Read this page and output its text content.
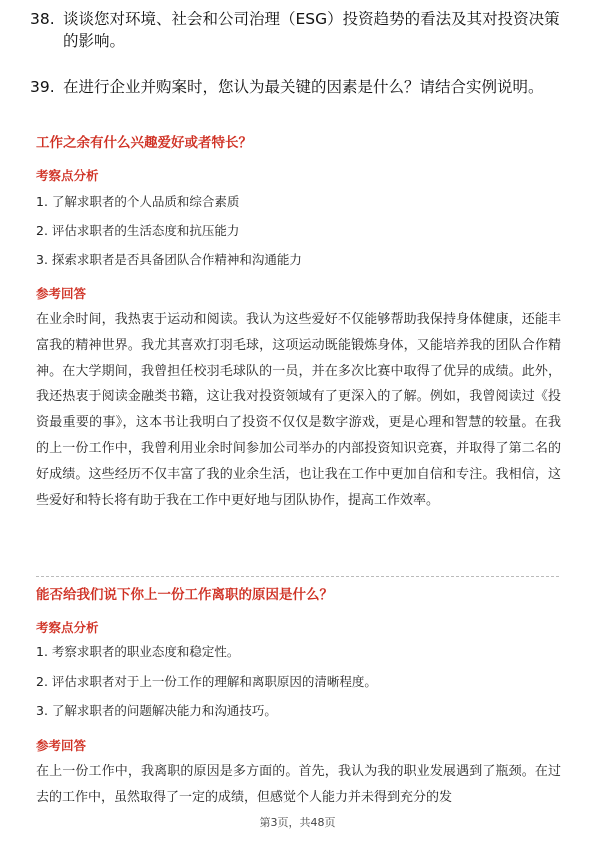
38. 谈谈您对环境、社会和公司治理（ESG）投资趋势的看法及其对投资决策的影响。
39. 在进行企业并购案时，您认为最关键的因素是什么？请结合实例说明。
工作之余有什么兴趣爱好或者特长？
考察点分析
1. 了解求职者的个人品质和综合素质
2. 评估求职者的生活态度和抗压能力
3. 探索求职者是否具备团队合作精神和沟通能力
参考回答
在业余时间，我热衷于运动和阅读。我认为这些爱好不仅能够帮助我保持身体健康，还能丰富我的精神世界。我尤其喜欢打羽毛球，这项运动既能锻炼身体，又能培养我的团队合作精神。在大学期间，我曾担任校羽毛球队的一员，并在多次比赛中取得了优异的成绩。此外，我还热衷于阅读金融类书籍，这让我对投资领域有了更深入的了解。例如，我曾阅读过《投资最重要的事》，这本书让我明白了投资不仅仅是数字游戏，更是心理和智慧的较量。在我的上一份工作中，我曾利用业余时间参加公司举办的内部投资知识竞赛，并取得了第二名的好成绩。这些经历不仅丰富了我的业余生活，也让我在工作中更加自信和专注。我相信，这些爱好和特长将有助于我在工作中更好地与团队协作，提高工作效率。
能否给我们说下你上一份工作离职的原因是什么？
考察点分析
1. 考察求职者的职业态度和稳定性。
2. 评估求职者对于上一份工作的理解和离职原因的清晰程度。
3. 了解求职者的问题解决能力和沟通技巧。
参考回答
在上一份工作中，我离职的原因是多方面的。首先，我认为我的职业发展遇到了瓶颈。在过去的工作中，虽然取得了一定的成绩，但感觉个人能力并未得到充分的发
第3页，共48页
